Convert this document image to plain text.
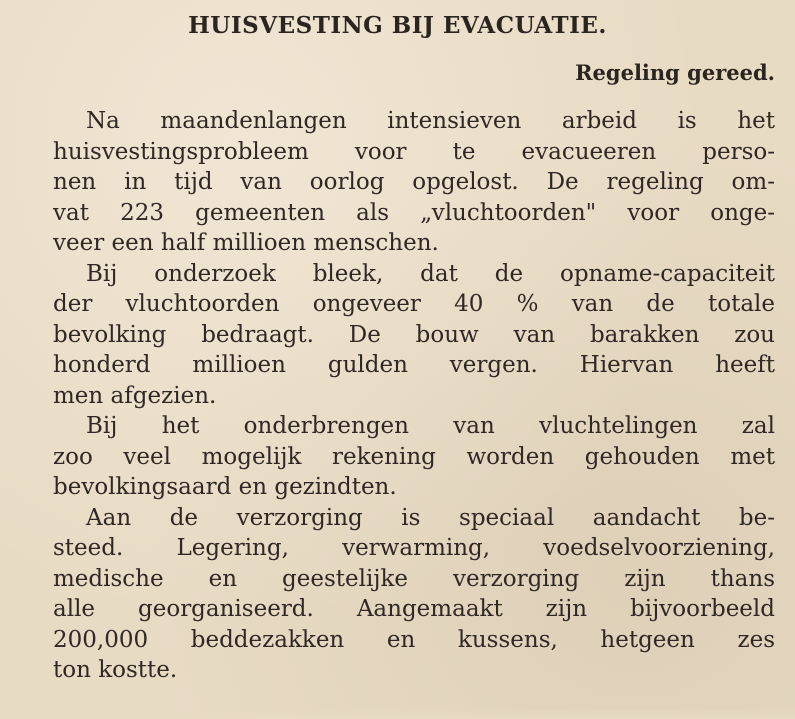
HUISVESTING BIJ EVACUATIE.
Regeling gereed.
Na maandenlangen intensieven arbeid is het
huisvestingsprobleem voor te evacueeren perso-
nen in tijd van oorlog opgelost. De regeling om-
vat 223 gemeenten als „vluchtoorden" voor onge-
veer een half millioen menschen.
Bij onderzoek bleek, dat de opname-capaciteit
der vluchtoorden ongeveer 40 % van de totale
bevolking bedraagt. De bouw van barakken zou
honderd millioen gulden vergen. Hiervan heeft
men afgezien.
Bij het onderbrengen van vluchtelingen zal
zoo veel mogelijk rekening worden gehouden met
bevolkingsaard en gezindten.
Aan de verzorging is speciaal aandacht be-
steed. Legering, verwarming, voedselvoorziening,
medische en geestelijke verzorging zijn thans
alle georganiseerd. Aangemaakt zijn bijvoorbeeld
200,000 beddezakken en kussens, hetgeen zes
ton kostte.
